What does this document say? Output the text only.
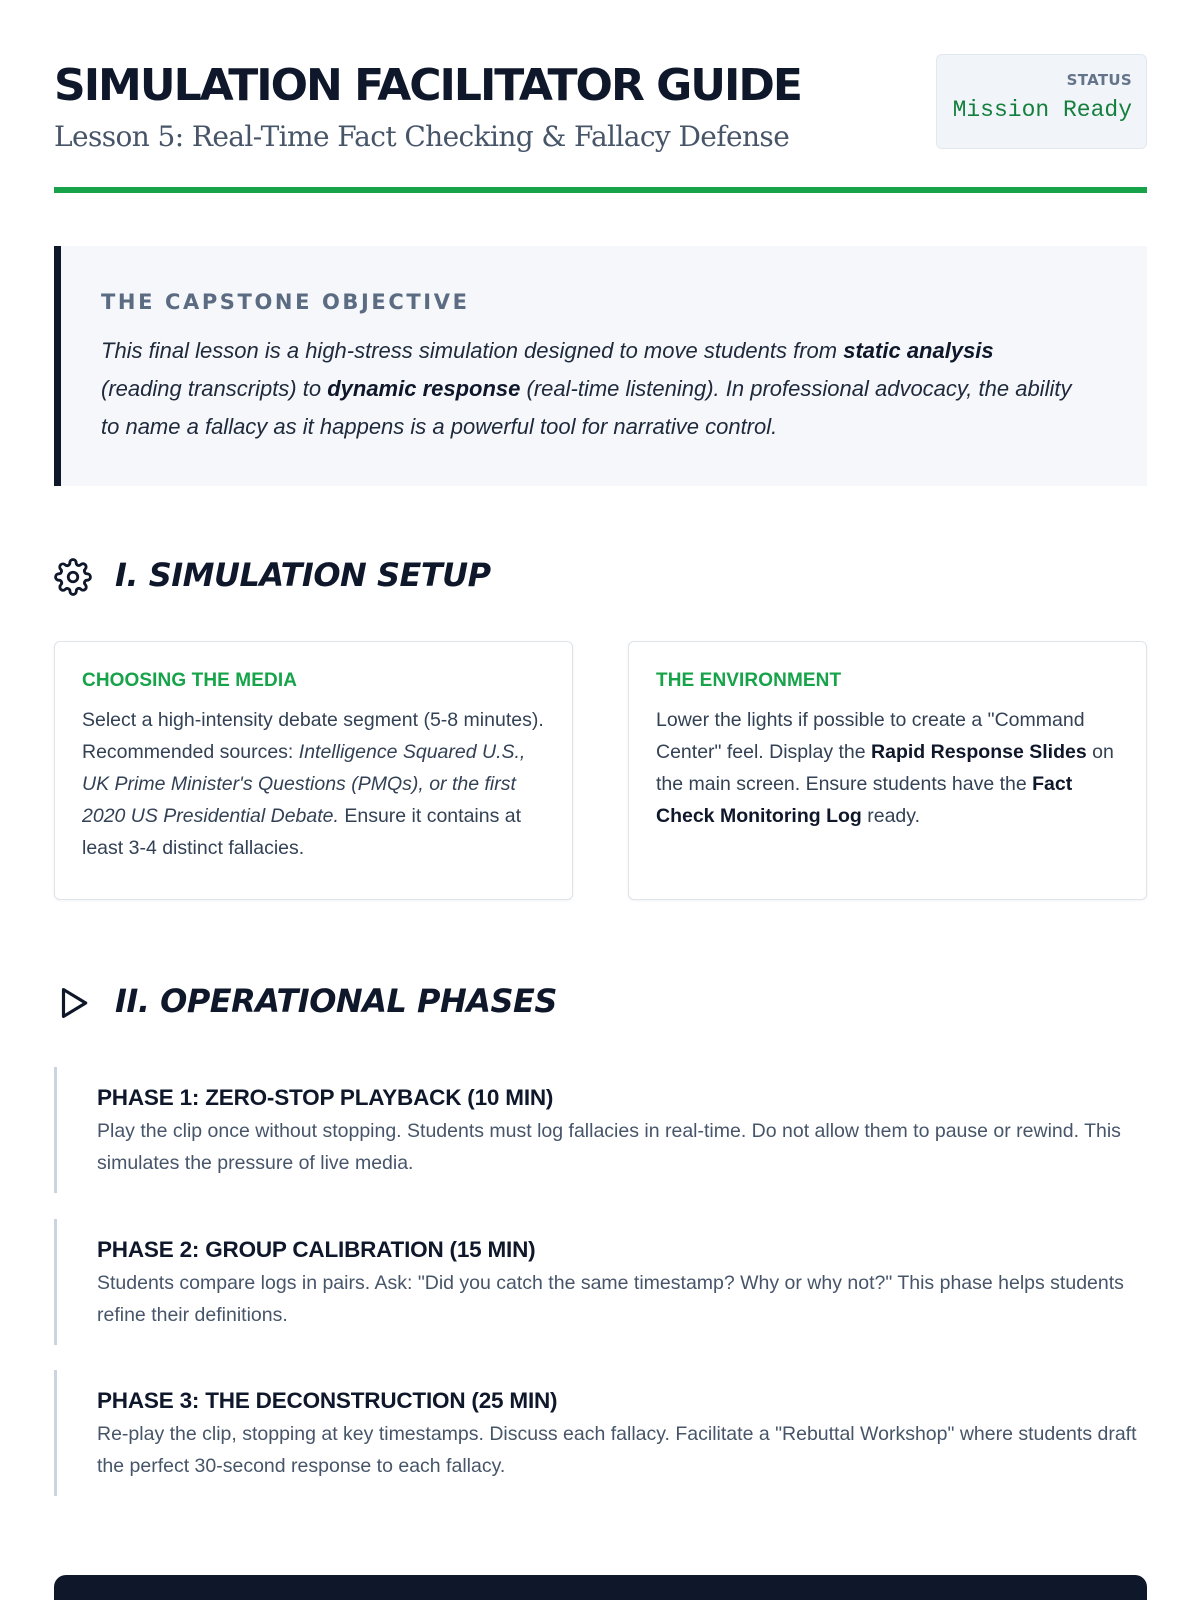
SIMULATION FACILITATOR GUIDE
Lesson 5: Real-Time Fact Checking & Fallacy Defense
STATUS
Mission Ready
THE CAPSTONE OBJECTIVE

This final lesson is a high-stress simulation designed to move students from static analysis (reading transcripts) to dynamic response (real-time listening). In professional advocacy, the ability to name a fallacy as it happens is a powerful tool for narrative control.

I. SIMULATION SETUP
CHOOSING THE MEDIA

Select a high-intensity debate segment (5-8 minutes). Recommended sources: Intelligence Squared U.S., UK Prime Minister's Questions (PMQs), or the first 2020 US Presidential Debate. Ensure it contains at least 3-4 distinct fallacies.

THE ENVIRONMENT

Lower the lights if possible to create a "Command Center" feel. Display the Rapid Response Slides on the main screen. Ensure students have the Fact Check Monitoring Log ready.

II. OPERATIONAL PHASES
PHASE 1: ZERO-STOP PLAYBACK (10 MIN)

Play the clip once without stopping. Students must log fallacies in real-time. Do not allow them to pause or rewind. This simulates the pressure of live media.

PHASE 2: GROUP CALIBRATION (15 MIN)

Students compare logs in pairs. Ask: "Did you catch the same timestamp? Why or why not?" This phase helps students refine their definitions.

PHASE 3: THE DECONSTRUCTION (25 MIN)

Re-play the clip, stopping at key timestamps. Discuss each fallacy. Facilitate a "Rebuttal Workshop" where students draft the perfect 30-second response to each fallacy.
